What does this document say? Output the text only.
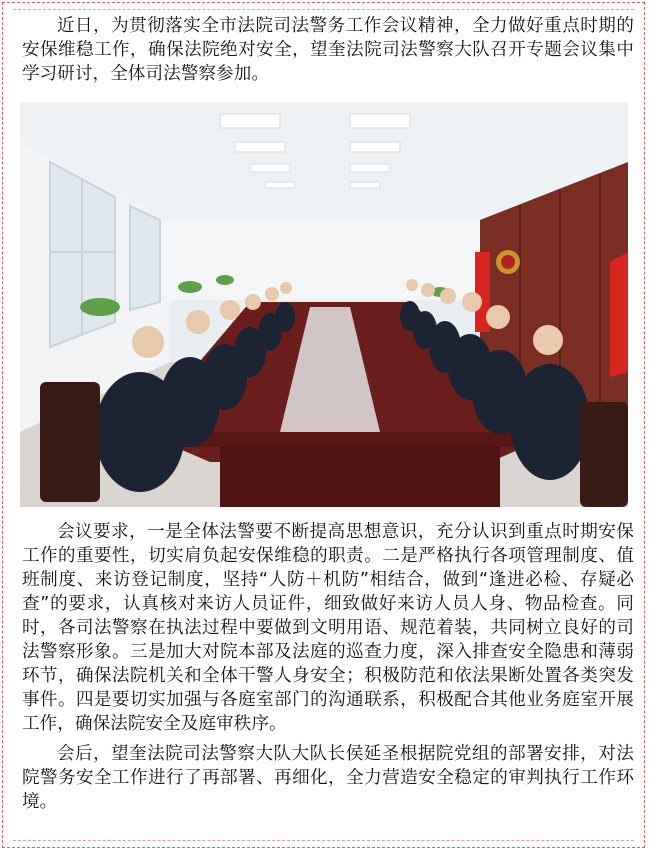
近日，为贯彻落实全市法院司法警务工作会议精神，全力做好重点时期的安保维稳工作，确保法院绝对安全，望奎法院司法警察大队召开专题会议集中学习研讨，全体司法警察参加。

会议要求，一是全体法警要不断提高思想意识，充分认识到重点时期安保工作的重要性，切实肩负起安保维稳的职责。二是严格执行各项管理制度、值班制度、来访登记制度，坚持“人防＋机防”相结合，做到“逢进必检、存疑必查”的要求，认真核对来访人员证件，细致做好来访人员人身、物品检查。同时，各司法警察在执法过程中要做到文明用语、规范着装，共同树立良好的司法警察形象。三是加大对院本部及法庭的巡查力度，深入排查安全隐患和薄弱环节，确保法院机关和全体干警人身安全；积极防范和依法果断处置各类突发事件。四是要切实加强与各庭室部门的沟通联系，积极配合其他业务庭室开展工作，确保法院安全及庭审秩序。

会后，望奎法院司法警察大队大队长侯延圣根据院党组的部署安排，对法院警务安全工作进行了再部署、再细化，全力营造安全稳定的审判执行工作环境。
